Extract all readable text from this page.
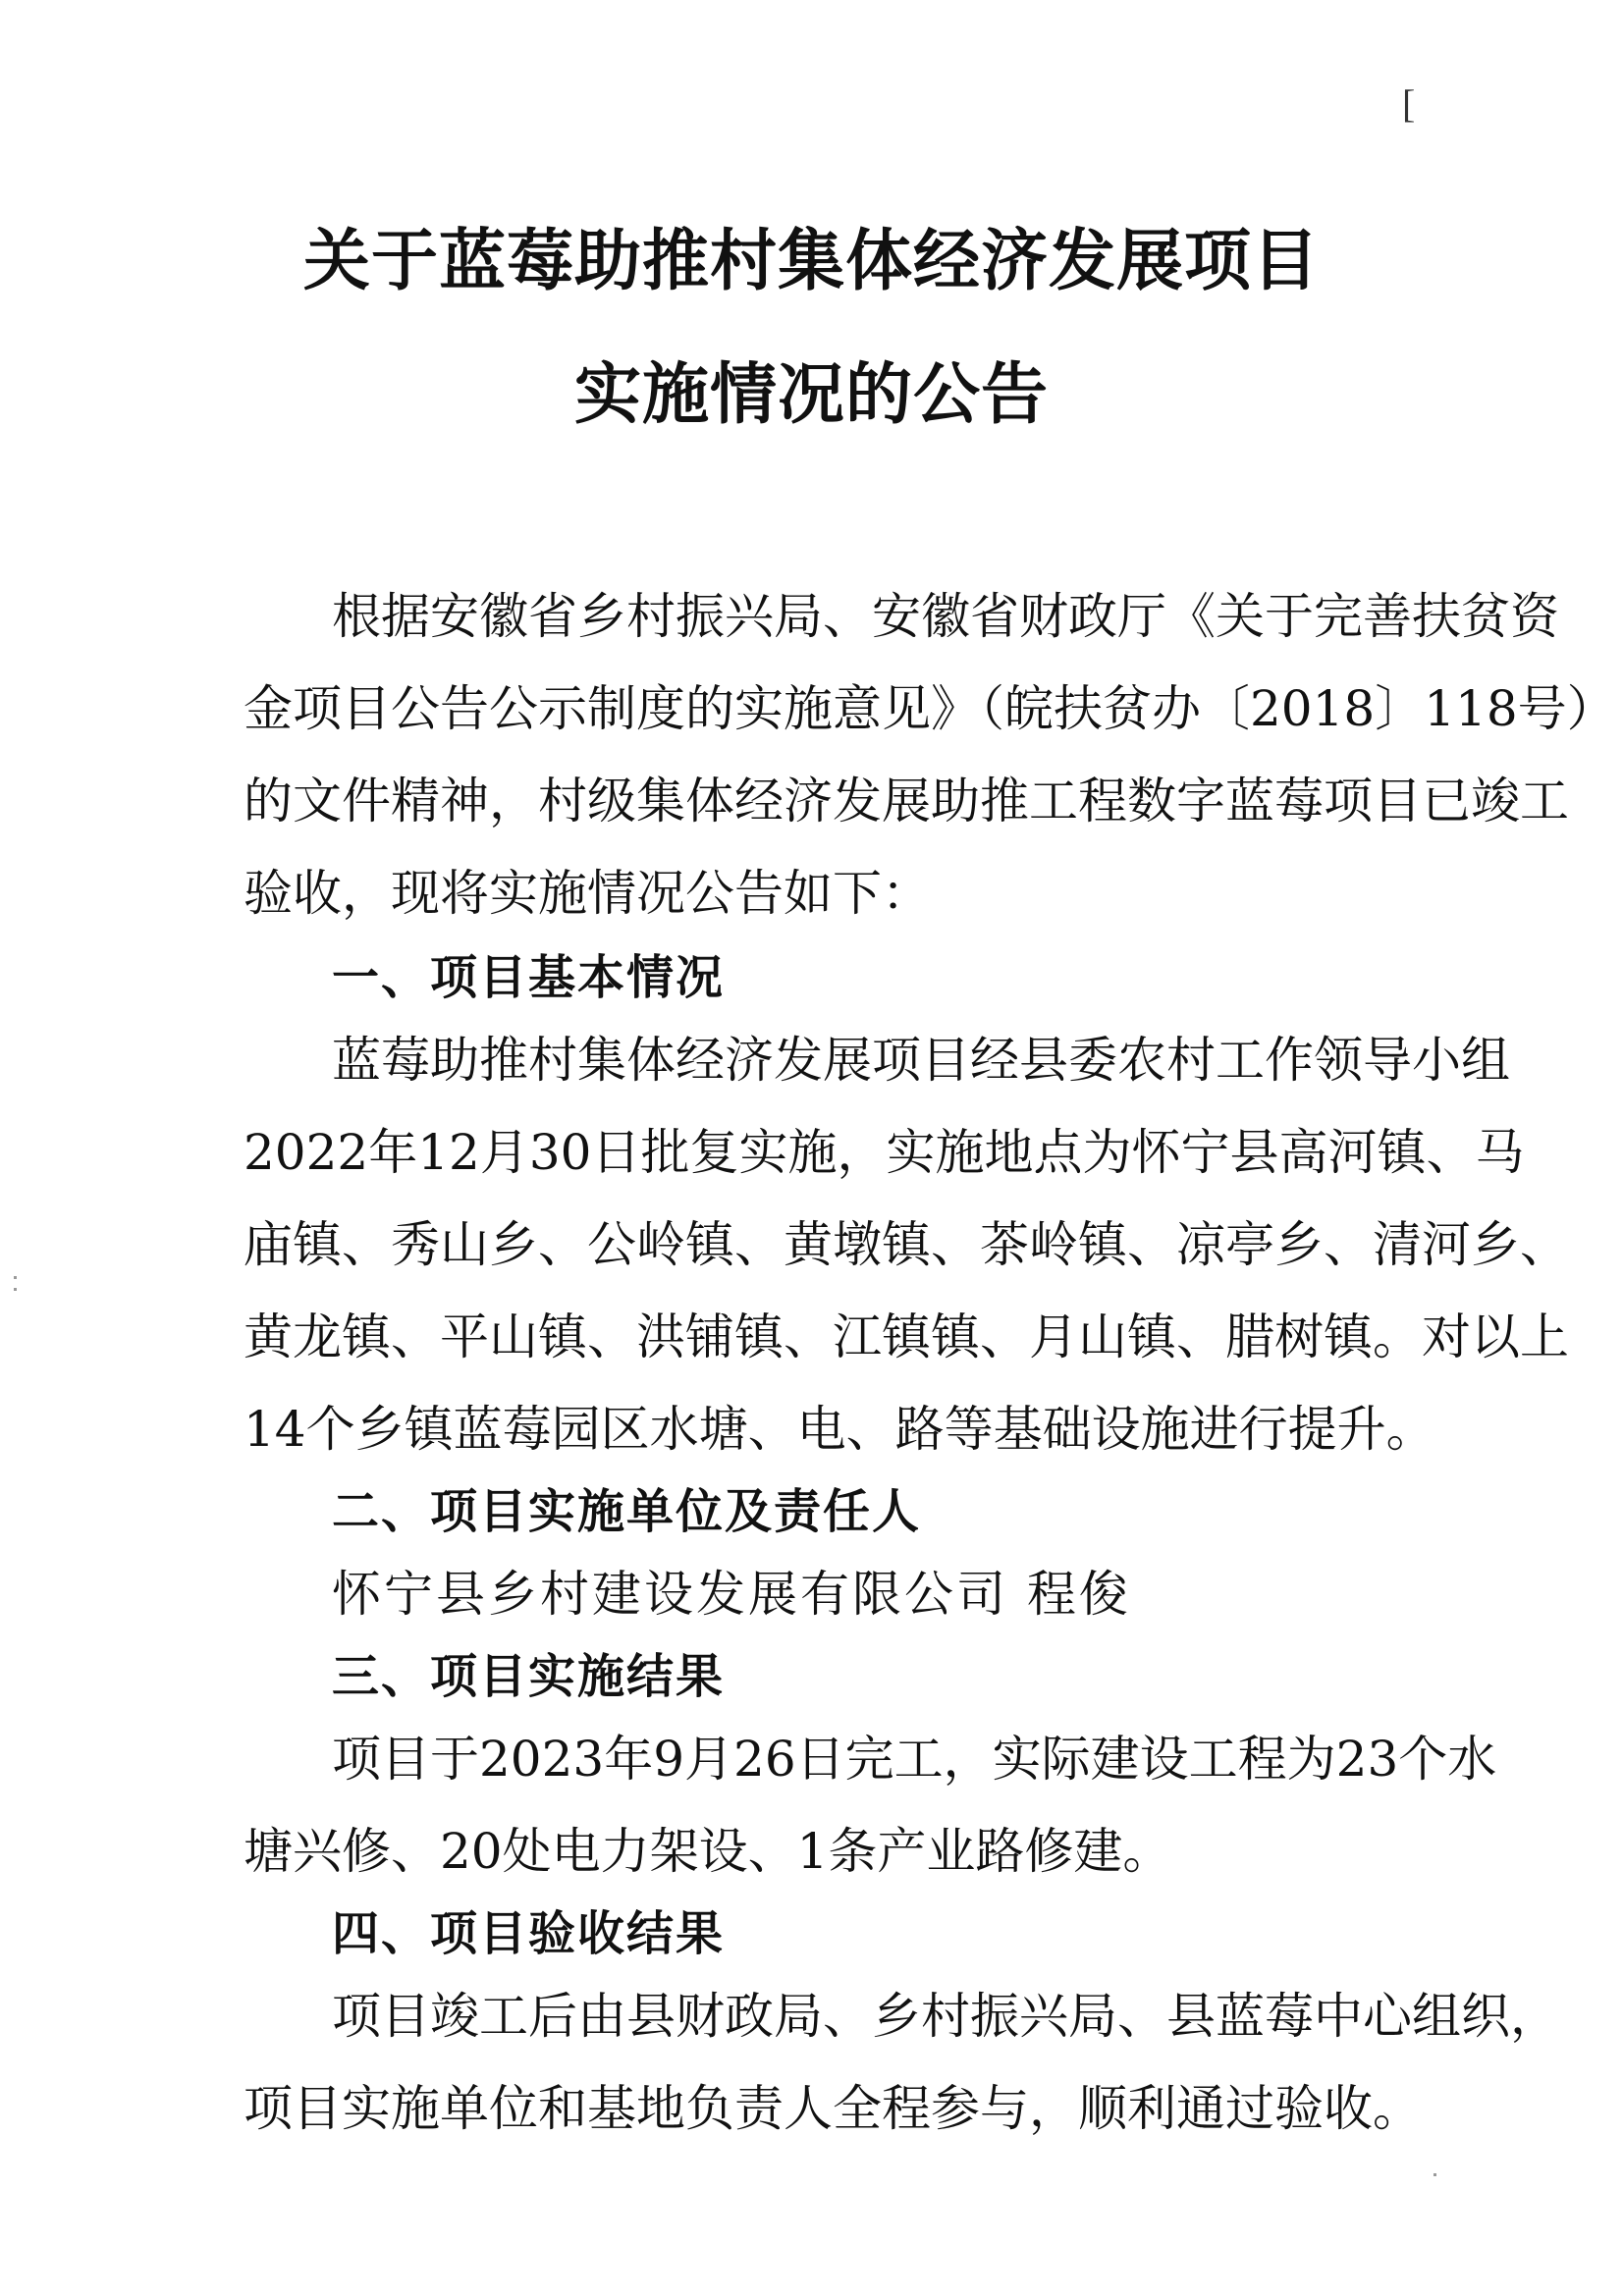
[
关于蓝莓助推村集体经济发展项目
实施情况的公告
根据安徽省乡村振兴局、安徽省财政厅《关于完善扶贫资
金项目公告公示制度的实施意见》（皖扶贫办〔2018〕118号）
的文件精神，村级集体经济发展助推工程数字蓝莓项目已竣工
验收，现将实施情况公告如下：
一、项目基本情况
蓝莓助推村集体经济发展项目经县委农村工作领导小组
2022年12月30日批复实施，实施地点为怀宁县高河镇、马
庙镇、秀山乡、公岭镇、黄墩镇、茶岭镇、凉亭乡、清河乡、
黄龙镇、平山镇、洪铺镇、江镇镇、月山镇、腊树镇。对以上
14个乡镇蓝莓园区水塘、电、路等基础设施进行提升。
二、项目实施单位及责任人
怀宁县乡村建设发展有限公司 程俊
三、项目实施结果
项目于2023年9月26日完工，实际建设工程为23个水
塘兴修、20处电力架设、1条产业路修建。
四、项目验收结果
项目竣工后由县财政局、乡村振兴局、县蓝莓中心组织，
项目实施单位和基地负责人全程参与，顺利通过验收。
